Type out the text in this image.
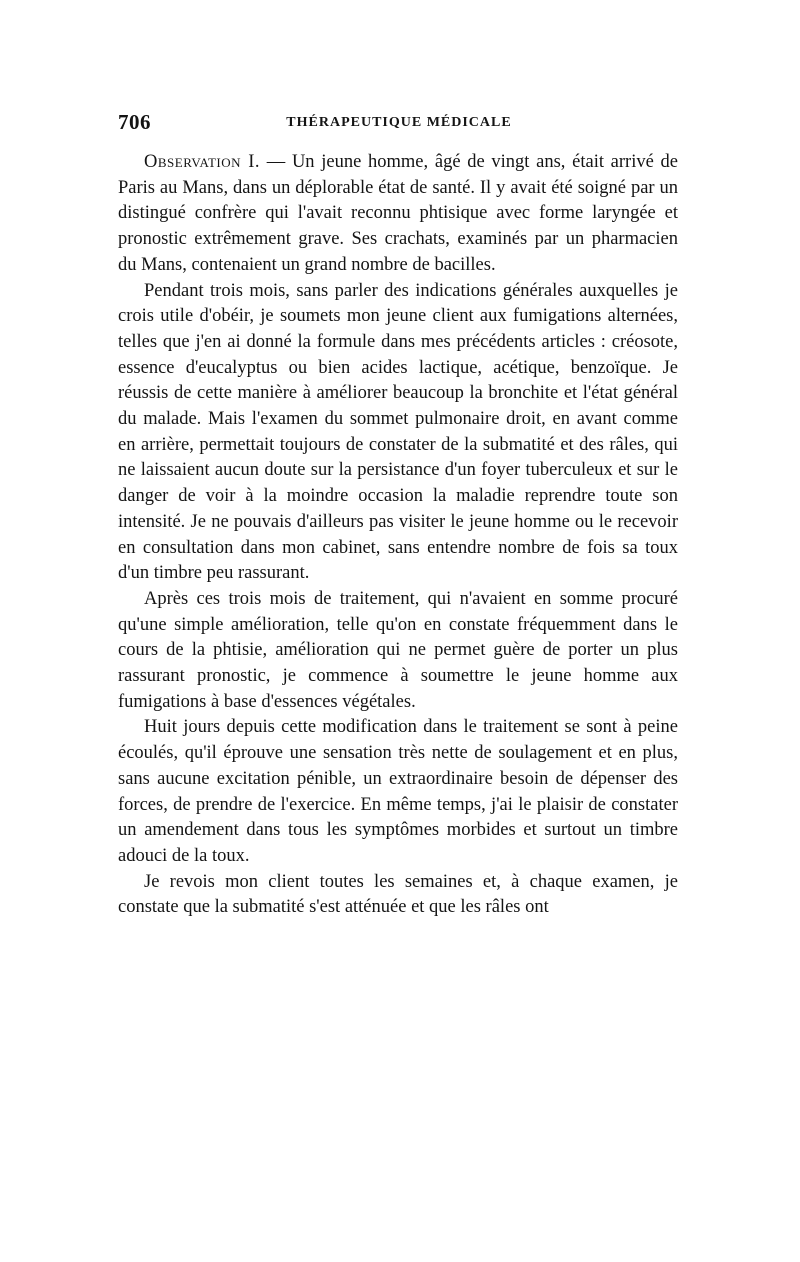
706	THÉRAPEUTIQUE MÉDICALE

Observation I. — Un jeune homme, âgé de vingt ans, était arrivé de Paris au Mans, dans un déplorable état de santé. Il y avait été soigné par un distingué confrère qui l'avait reconnu phtisique avec forme laryngée et pronostic extrêmement grave. Ses crachats, examinés par un pharmacien du Mans, contenaient un grand nombre de bacilles.

Pendant trois mois, sans parler des indications générales auxquelles je crois utile d'obéir, je soumets mon jeune client aux fumigations alternées, telles que j'en ai donné la formule dans mes précédents articles : créosote, essence d'eucalyptus ou bien acides lactique, acétique, benzoïque. Je réussis de cette manière à améliorer beaucoup la bronchite et l'état général du malade. Mais l'examen du sommet pulmonaire droit, en avant comme en arrière, permettait toujours de constater de la submatité et des râles, qui ne laissaient aucun doute sur la persistance d'un foyer tuberculeux et sur le danger de voir à la moindre occasion la maladie reprendre toute son intensité. Je ne pouvais d'ailleurs pas visiter le jeune homme ou le recevoir en consultation dans mon cabinet, sans entendre nombre de fois sa toux d'un timbre peu rassurant.

Après ces trois mois de traitement, qui n'avaient en somme procuré qu'une simple amélioration, telle qu'on en constate fréquemment dans le cours de la phtisie, amélioration qui ne permet guère de porter un plus rassurant pronostic, je commence à soumettre le jeune homme aux fumigations à base d'essences végétales.

Huit jours depuis cette modification dans le traitement se sont à peine écoulés, qu'il éprouve une sensation très nette de soulagement et en plus, sans aucune excitation pénible, un extraordinaire besoin de dépenser des forces, de prendre de l'exercice. En même temps, j'ai le plaisir de constater un amendement dans tous les symptômes morbides et surtout un timbre adouci de la toux.

Je revois mon client toutes les semaines et, à chaque examen, je constate que la submatité s'est atténuée et que les râles ont
